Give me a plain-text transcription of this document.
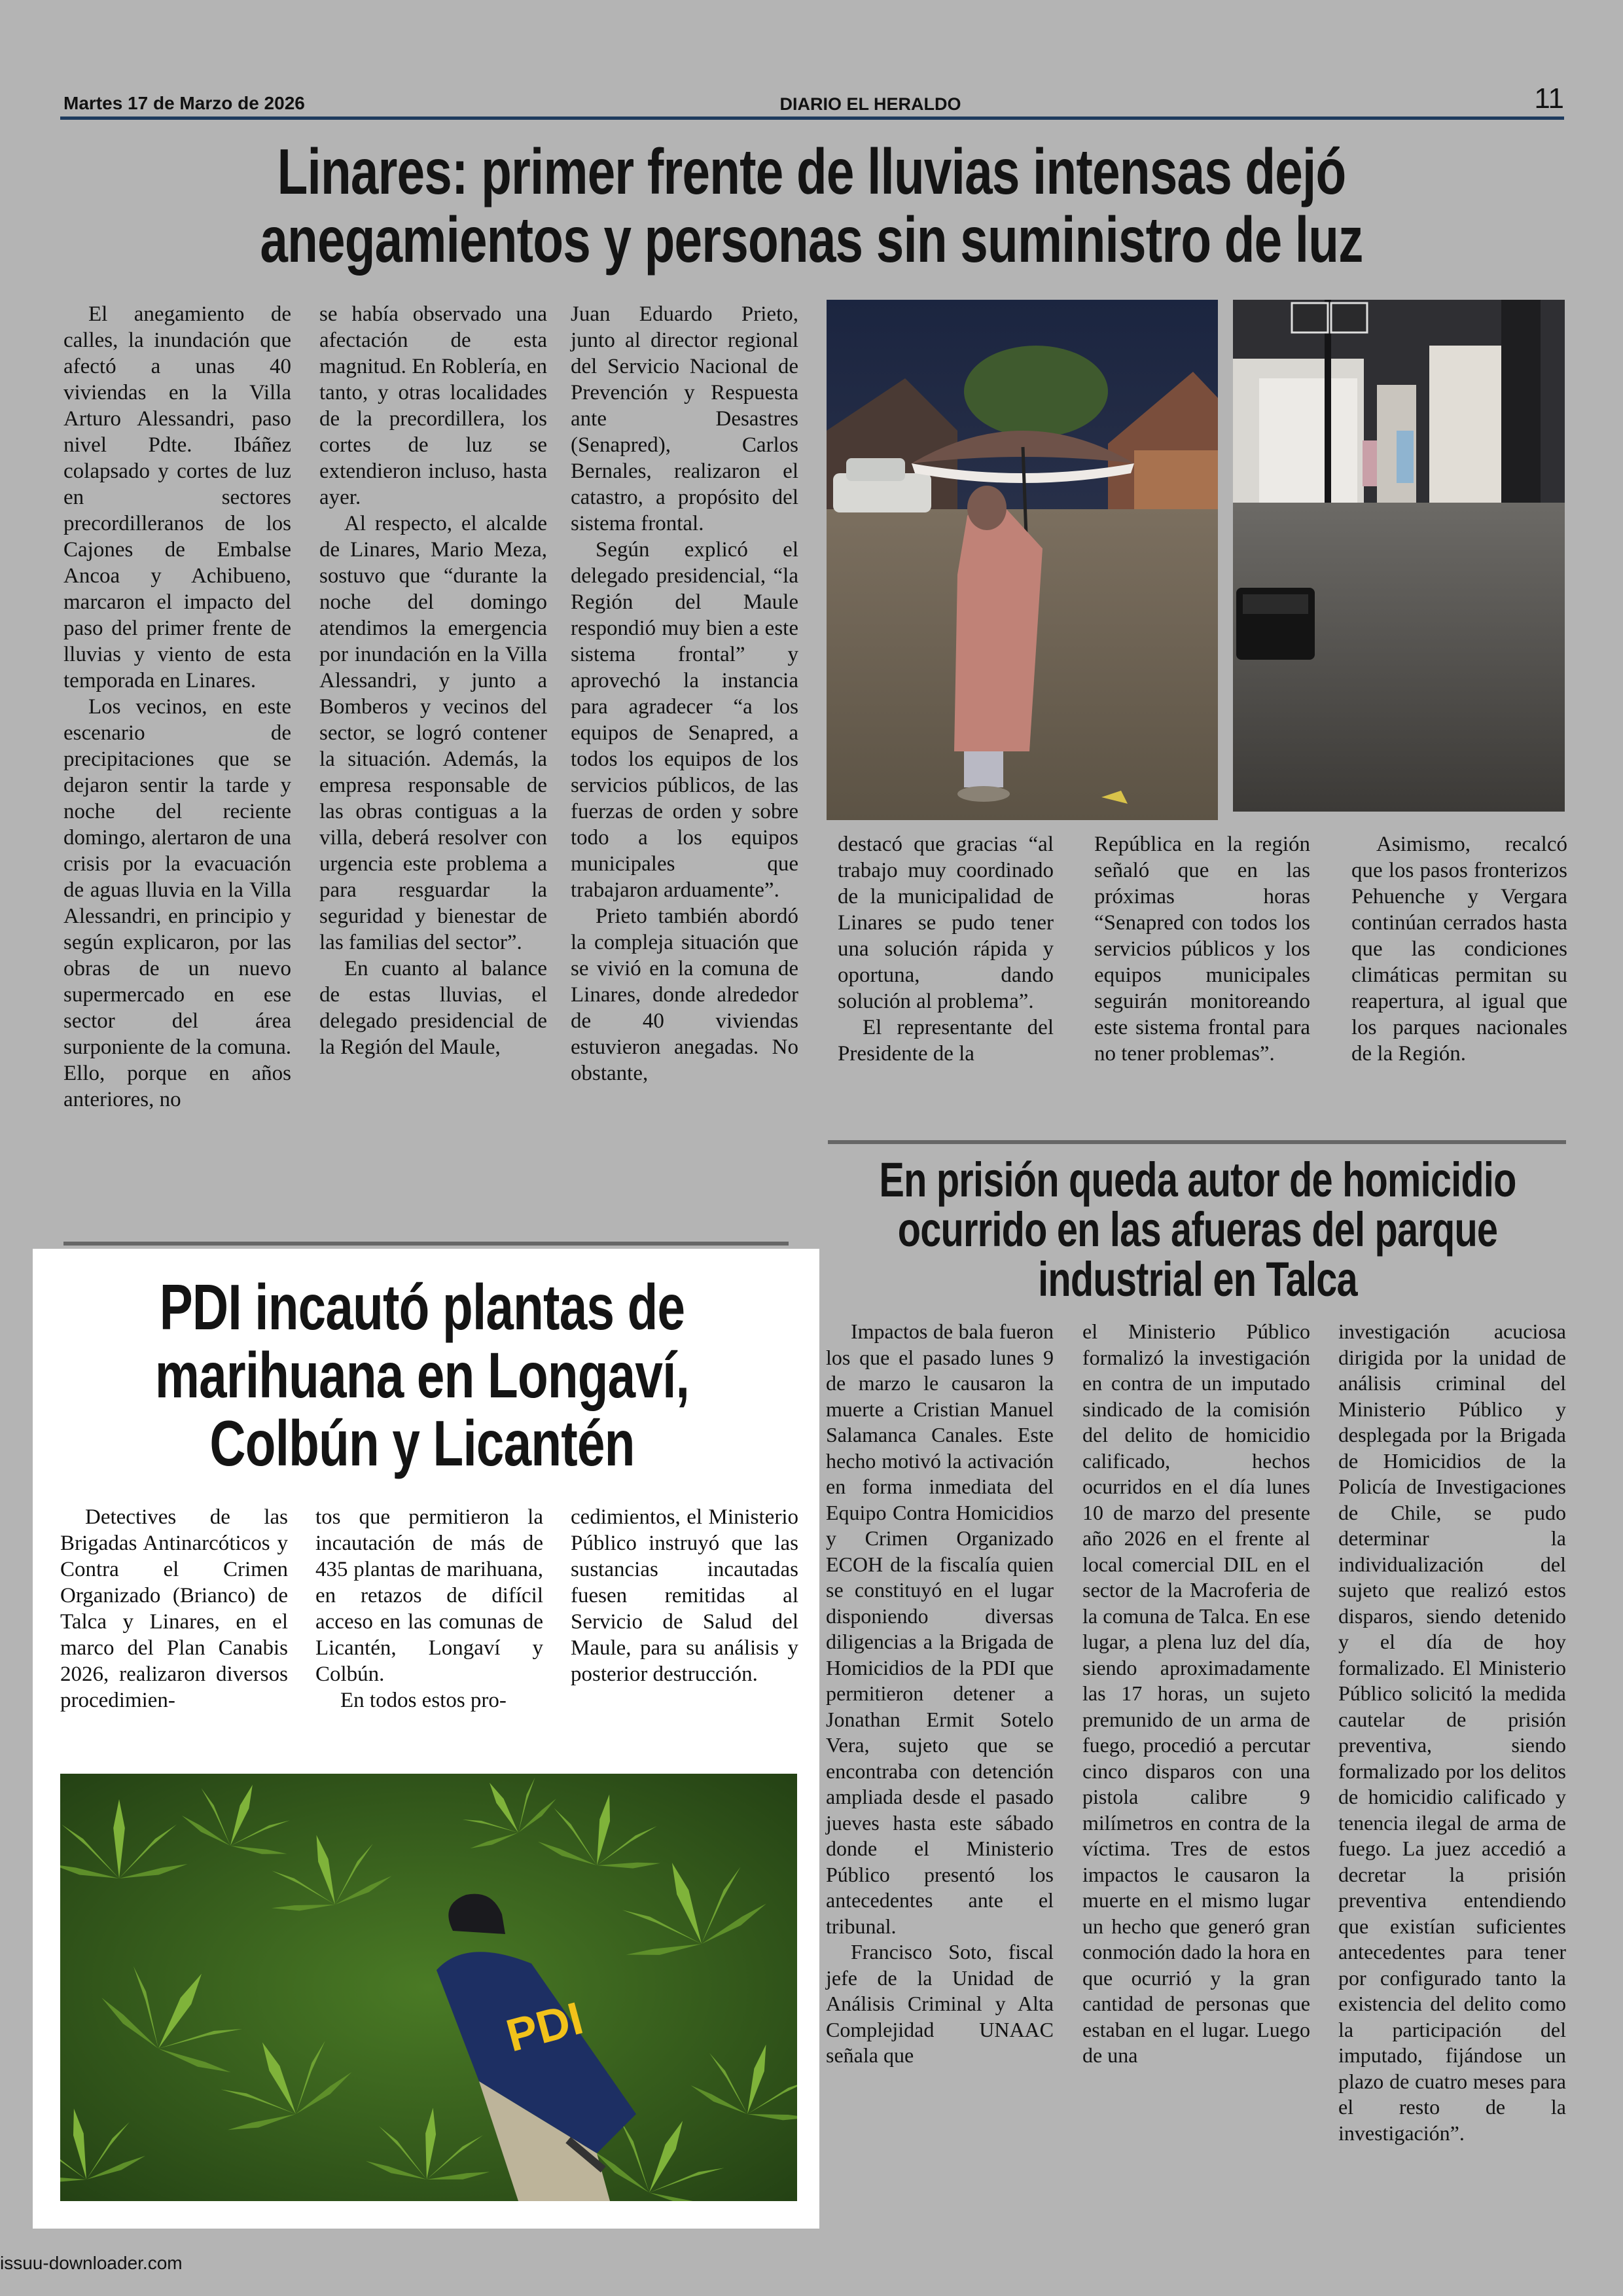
Martes 17 de Marzo de 2026	DIARIO EL HERALDO	11
Linares: primer frente de lluvias intensas dejó
anegamientos y personas sin suministro de luz

El anegamiento de calles, la inundación que afectó a unas 40 viviendas en la Villa Arturo Alessandri, paso nivel Pdte. Ibáñez colapsado y cortes de luz en sectores precordilleranos de los Cajones de Embalse Ancoa y Achibueno, marcaron el impacto del paso del primer frente de lluvias y viento de esta temporada en Linares.

Los vecinos, en este escenario de precipitaciones que se dejaron sentir la tarde y noche del reciente domingo, alertaron de una crisis por la evacuación de aguas lluvia en la Villa Alessandri, en principio y según explicaron, por las obras de un nuevo supermercado en ese sector del área surponiente de la comuna. Ello, porque en años anteriores, no

se había observado una afectación de esta magnitud. En Roblería, en tanto, y otras localidades de la precordillera, los cortes de luz se extendieron incluso, hasta ayer.

Al respecto, el alcalde de Linares, Mario Meza, sostuvo que “durante la noche del domingo atendimos la emergencia por inundación en la Villa Alessandri, y junto a Bomberos y vecinos del sector, se logró contener la situación. Además, la empresa responsable de las obras contiguas a la villa, deberá resolver con urgencia este problema a para resguardar la seguridad y bienestar de las familias del sector”.

En cuanto al balance de estas lluvias, el delegado presidencial de la Región del Maule,

Juan Eduardo Prieto, junto al director regional del Servicio Nacional de Prevención y Respuesta ante Desastres (Senapred), Carlos Bernales, realizaron el catastro, a propósito del sistema frontal.

Según explicó el delegado presidencial, “la Región del Maule respondió muy bien a este sistema frontal” y aprovechó la instancia para agradecer “a los equipos de Senapred, a todos los equipos de los servicios públicos, de las fuerzas de orden y sobre todo a los equipos municipales que trabajaron arduamente”.

Prieto también abordó la compleja situación que se vivió en la comuna de Linares, donde alrededor de 40 viviendas estuvieron anegadas. No obstante,

destacó que gracias “al trabajo muy coordinado de la municipalidad de Linares se pudo tener una solución rápida y oportuna, dando solución al problema”.

El representante del Presidente de la

República en la región señaló que en las próximas horas “Senapred con todos los servicios públicos y los equipos municipales seguirán monitoreando este sistema frontal para no tener problemas”.

Asimismo, recalcó que los pasos fronterizos Pehuenche y Vergara continúan cerrados hasta que las condiciones climáticas permitan su reapertura, al igual que los parques nacionales de la Región.

En prisión queda autor de homicidio
ocurrido en las afueras del parque
industrial en Talca

Impactos de bala fueron los que el pasado lunes 9 de marzo le causaron la muerte a Cristian Manuel Salamanca Canales. Este hecho motivó la activación en forma inmediata del Equipo Contra Homicidios y Crimen Organizado ECOH de la fiscalía quien se constituyó en el lugar disponiendo diversas diligencias a la Brigada de Homicidios de la PDI que permitieron detener a Jonathan Ermit Sotelo Vera, sujeto que se encontraba con detención ampliada desde el pasado jueves hasta este sábado donde el Ministerio Público presentó los antecedentes ante el tribunal.

Francisco Soto, fiscal jefe de la Unidad de Análisis Criminal y Alta Complejidad UNAAC señala que

el Ministerio Público formalizó la investigación en contra de un imputado sindicado de la comisión del delito de homicidio calificado, hechos ocurridos en el día lunes 10 de marzo del presente año 2026 en el frente al local comercial DIL en el sector de la Macroferia de la comuna de Talca. En ese lugar, a plena luz del día, siendo aproximadamente las 17 horas, un sujeto premunido de un arma de fuego, procedió a percutar cinco disparos con una pistola calibre 9 milímetros en contra de la víctima. Tres de estos impactos le causaron la muerte en el mismo lugar un hecho que generó gran conmoción dado la hora en que ocurrió y la gran cantidad de personas que estaban en el lugar. Luego de una

investigación acuciosa dirigida por la unidad de análisis criminal del Ministerio Público y desplegada por la Brigada de Homicidios de la Policía de Investigaciones de Chile, se pudo determinar la individualización del sujeto que realizó estos disparos, siendo detenido y el día de hoy formalizado. El Ministerio Público solicitó la medida cautelar de prisión preventiva, siendo formalizado por los delitos de homicidio calificado y tenencia ilegal de arma de fuego. La juez accedió a decretar la prisión preventiva entendiendo que existían suficientes antecedentes para tener por configurado tanto la existencia del delito como la participación del imputado, fijándose un plazo de cuatro meses para el resto de la investigación”.

PDI incautó plantas de
marihuana en Longaví,
Colbún y Licantén

Detectives de las Brigadas Antinarcóticos y Contra el Crimen Organizado (Brianco) de Talca y Linares, en el marco del Plan Canabis 2026, realizaron diversos procedimien-

tos que permitieron la incautación de más de 435 plantas de marihuana, en retazos de difícil acceso en las comunas de Licantén, Longaví y Colbún.

En todos estos pro-

cedimientos, el Ministerio Público instruyó que las sustancias incautadas fuesen remitidas al Servicio de Salud del Maule, para su análisis y posterior destrucción.

PDI
issuu-downloader.com
